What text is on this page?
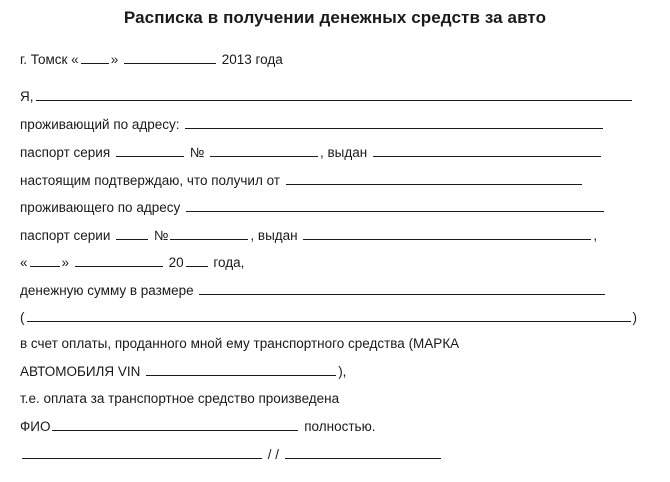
Расписка в получении денежных средств за авто
г. Томск « »	2013 года
Я,
проживающий по адресу:
паспорт серия	№	, выдан
настоящим подтверждаю, что получил от
проживающего по адресу
паспорт серии	№	, выдан	,
«	»	20 года,
денежную сумму в размере
(	)
в счет оплаты, проданного мной ему транспортного средства (МАРКА
АВТОМОБИЛЯ VIN	),
т.е. оплата за транспортное средство произведена
ФИО	полностью.
/ /
